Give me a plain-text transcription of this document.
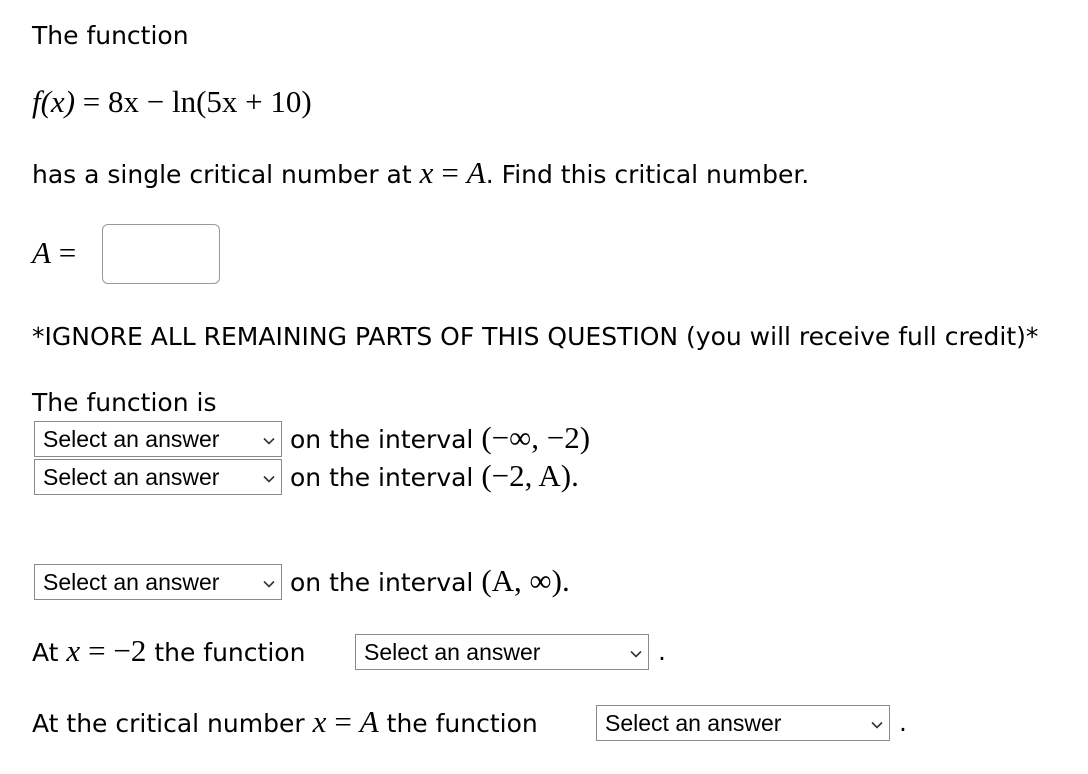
The function
f(x) = 8x − ln(5x + 10)
has a single critical number at x = A. Find this critical number.
A =
*IGNORE ALL REMAINING PARTS OF THIS QUESTION (you will receive full credit)*
The function is
Select an answer	on the interval (−∞, −2)
Select an answer	on the interval (−2, A).
Select an answer	on the interval (A, ∞).
At x = −2 the function	Select an answer	.
At the critical number x = A the function	Select an answer	.
